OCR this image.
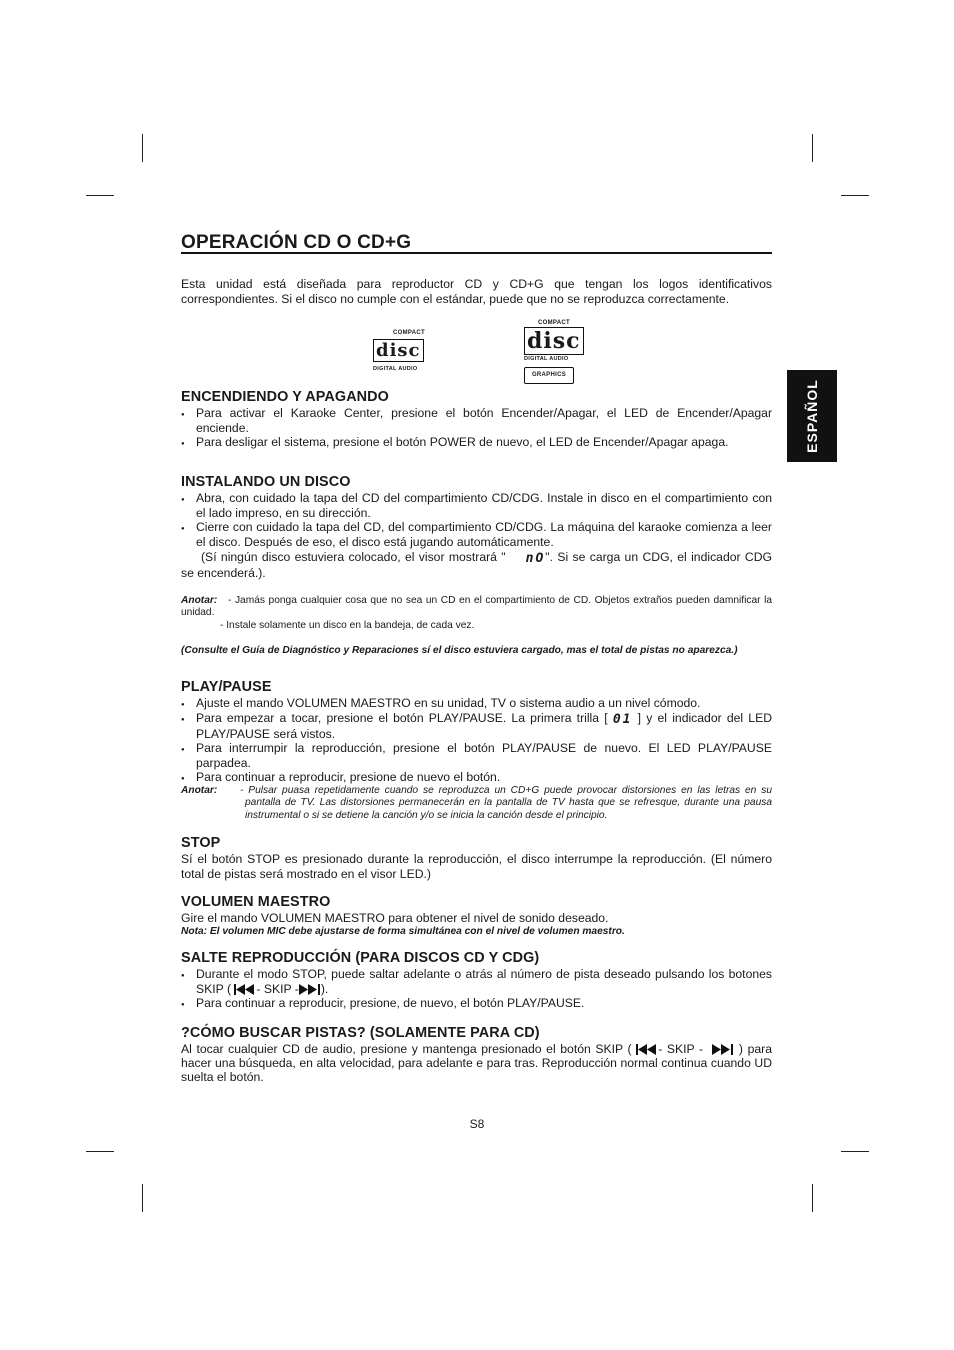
ESPAÑOL
OPERACIÓN CD O CD+G

Esta unidad está diseñada para reproductor CD y CD+G que tengan los logos identificativos correspondientes. Si el disco no cumple con el estándar, puede que no se reproduzca correctamente.

COMPACT
disc
DIGITAL AUDIO
COMPACT
disc
DIGITAL AUDIO
GRAPHICS
ENCENDIENDO Y APAGANDO
● Para activar el Karaoke Center, presione el botón Encender/Apagar, el LED de Encender/Apagar enciende.
● Para desligar el sistema, presione el botón POWER de nuevo, el LED de Encender/Apagar apaga.
INSTALANDO UN DISCO
● Abra, con cuidado la tapa del CD del compartimiento CD/CDG. Instale in disco en el compartimiento con el lado impreso, en su dirección.
● Cierre con cuidado la tapa del CD, del compartimiento CD/CDG. La máquina del karaoke comienza a leer el disco. Después de eso, el disco está jugando automáticamente.

(Sí ningún disco estuviera colocado, el visor mostrará " nO". Si se carga un CDG, el indicador CDG se encenderá.).

Anotar: - Jamás ponga cualquier cosa que no sea un CD en el compartimiento de CD. Objetos extraños pueden damnificar la unidad.
- Instale solamente un disco en la bandeja, de cada vez.

(Consulte el Guía de Diagnóstico y Reparaciones sí el disco estuviera cargado, mas el total de pistas no aparezca.)

PLAY/PAUSE
● Ajuste el mando VOLUMEN MAESTRO en su unidad, TV o sistema audio a un nivel cómodo.
● Para empezar a tocar, presione el botón PLAY/PAUSE. La primera trilla [ 01 ] y el indicador del LED PLAY/PAUSE será vistos.
● Para interrumpir la reproducción, presione el botón PLAY/PAUSE de nuevo. El LED PLAY/PAUSE parpadea.
● Para continuar a reproducir, presione de nuevo el botón.
Anotar:	- Pulsar puasa repetidamente cuando se reproduzca un CD+G puede provocar distorsiones en las letras en su pantalla de TV. Las distorsiones permanecerán en la pantalla de TV hasta que se refresque, durante una pausa instrumental o si se detiene la canción y/o se inicia la canción desde el principio.

STOP

Sí el botón STOP es presionado durante la reproducción, el disco interrumpe la reproducción. (El número total de pistas será mostrado en el visor LED.)

VOLUMEN MAESTRO

Gire el mando VOLUMEN MAESTRO para obtener el nivel de sonido deseado.

Nota: El volumen MIC debe ajustarse de forma simultánea con el nivel de volumen maestro.

SALTE REPRODUCCIÓN (PARA DISCOS CD Y CDG)
● Durante el modo STOP, puede saltar adelante o atrás al número de pista deseado pulsando los botones SKIP ( - SKIP - ).
● Para continuar a reproducir, presione, de nuevo, el botón PLAY/PAUSE.
?CÓMO BUSCAR PISTAS? (SOLAMENTE PARA CD)

Al tocar cualquier CD de audio, presione y mantenga presionado el botón SKIP ( - SKIP -	) para hacer una búsqueda, en alta velocidad, para adelante e para tras. Reproducción normal continua cuando UD suelta el botón.

S8
